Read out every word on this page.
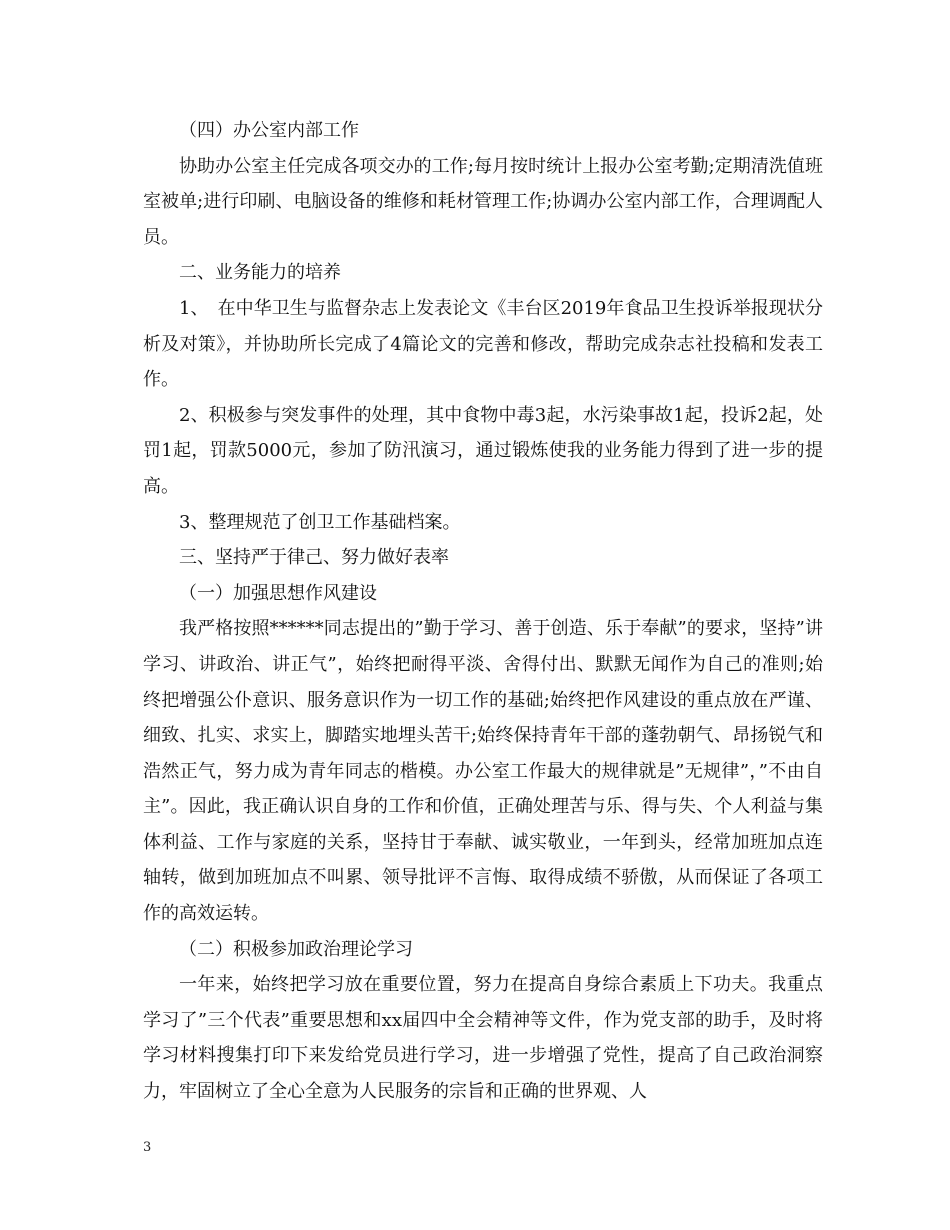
（四）办公室内部工作

协助办公室主任完成各项交办的工作;每月按时统计上报办公室考勤;定期清洗值班室被单;进行印刷、电脑设备的维修和耗材管理工作;协调办公室内部工作，合理调配人员。

二、业务能力的培养

1、　在中华卫生与监督杂志上发表论文《丰台区2019年食品卫生投诉举报现状分析及对策》，并协助所长完成了4篇论文的完善和修改，帮助完成杂志社投稿和发表工作。

2、积极参与突发事件的处理，其中食物中毒3起，水污染事故1起，投诉2起，处罚1起，罚款5000元，参加了防汛演习，通过锻炼使我的业务能力得到了进一步的提高。

3、整理规范了创卫工作基础档案。

三、坚持严于律己、努力做好表率

（一）加强思想作风建设

我严格按照******同志提出的”勤于学习、善于创造、乐于奉献”的要求，坚持”讲学习、讲政治、讲正气”，始终把耐得平淡、舍得付出、默默无闻作为自己的准则;始终把增强公仆意识、服务意识作为一切工作的基础;始终把作风建设的重点放在严谨、细致、扎实、求实上，脚踏实地埋头苦干;始终保持青年干部的蓬勃朝气、昂扬锐气和浩然正气，努力成为青年同志的楷模。办公室工作最大的规律就是”无规律”，”不由自主”。因此，我正确认识自身的工作和价值，正确处理苦与乐、得与失、个人利益与集体利益、工作与家庭的关系，坚持甘于奉献、诚实敬业，一年到头，经常加班加点连轴转，做到加班加点不叫累、领导批评不言悔、取得成绩不骄傲，从而保证了各项工作的高效运转。

（二）积极参加政治理论学习

一年来，始终把学习放在重要位置，努力在提高自身综合素质上下功夫。我重点学习了”三个代表”重要思想和xx届四中全会精神等文件，作为党支部的助手，及时将学习材料搜集打印下来发给党员进行学习，进一步增强了党性，提高了自己政治洞察力，牢固树立了全心全意为人民服务的宗旨和正确的世界观、人

3
